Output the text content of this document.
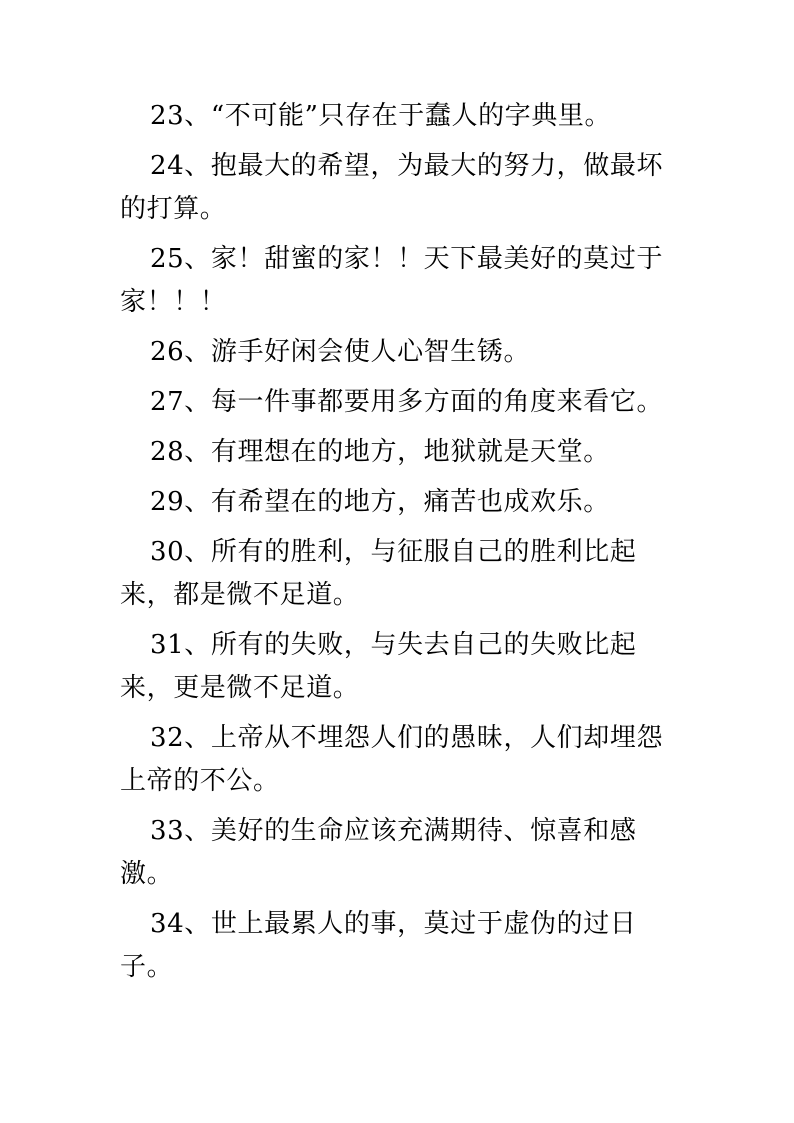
23、“不可能”只存在于蠢人的字典里。

24、抱最大的希望，为最大的努力，做最坏的打算。

25、家！甜蜜的家！！天下最美好的莫过于家！！！

26、游手好闲会使人心智生锈。

27、每一件事都要用多方面的角度来看它。

28、有理想在的地方，地狱就是天堂。

29、有希望在的地方，痛苦也成欢乐。

30、所有的胜利，与征服自己的胜利比起来，都是微不足道。

31、所有的失败，与失去自己的失败比起来，更是微不足道。

32、上帝从不埋怨人们的愚昧，人们却埋怨上帝的不公。

33、美好的生命应该充满期待、惊喜和感激。

34、世上最累人的事，莫过于虚伪的过日子。
